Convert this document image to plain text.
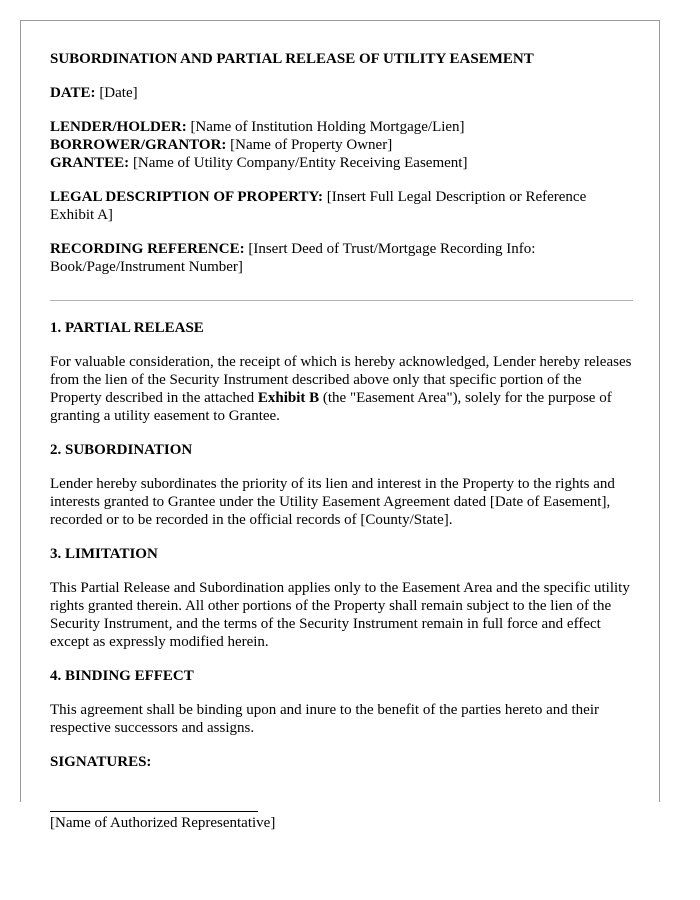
SUBORDINATION AND PARTIAL RELEASE OF UTILITY EASEMENT

DATE: [Date]

LENDER/HOLDER: [Name of Institution Holding Mortgage/Lien]

BORROWER/GRANTOR: [Name of Property Owner]

GRANTEE: [Name of Utility Company/Entity Receiving Easement]

LEGAL DESCRIPTION OF PROPERTY: [Insert Full Legal Description or Reference Exhibit A]

RECORDING REFERENCE: [Insert Deed of Trust/Mortgage Recording Info: Book/Page/Instrument Number]

1. PARTIAL RELEASE

For valuable consideration, the receipt of which is hereby acknowledged, Lender hereby releases from the lien of the Security Instrument described above only that specific portion of the Property described in the attached Exhibit B (the "Easement Area"), solely for the purpose of granting a utility easement to Grantee.

2. SUBORDINATION

Lender hereby subordinates the priority of its lien and interest in the Property to the rights and interests granted to Grantee under the Utility Easement Agreement dated [Date of Easement], recorded or to be recorded in the official records of [County/State].

3. LIMITATION

This Partial Release and Subordination applies only to the Easement Area and the specific utility rights granted therein. All other portions of the Property shall remain subject to the lien of the Security Instrument, and the terms of the Security Instrument remain in full force and effect except as expressly modified herein.

4. BINDING EFFECT

This agreement shall be binding upon and inure to the benefit of the parties hereto and their respective successors and assigns.

SIGNATURES:

[Name of Authorized Representative]
